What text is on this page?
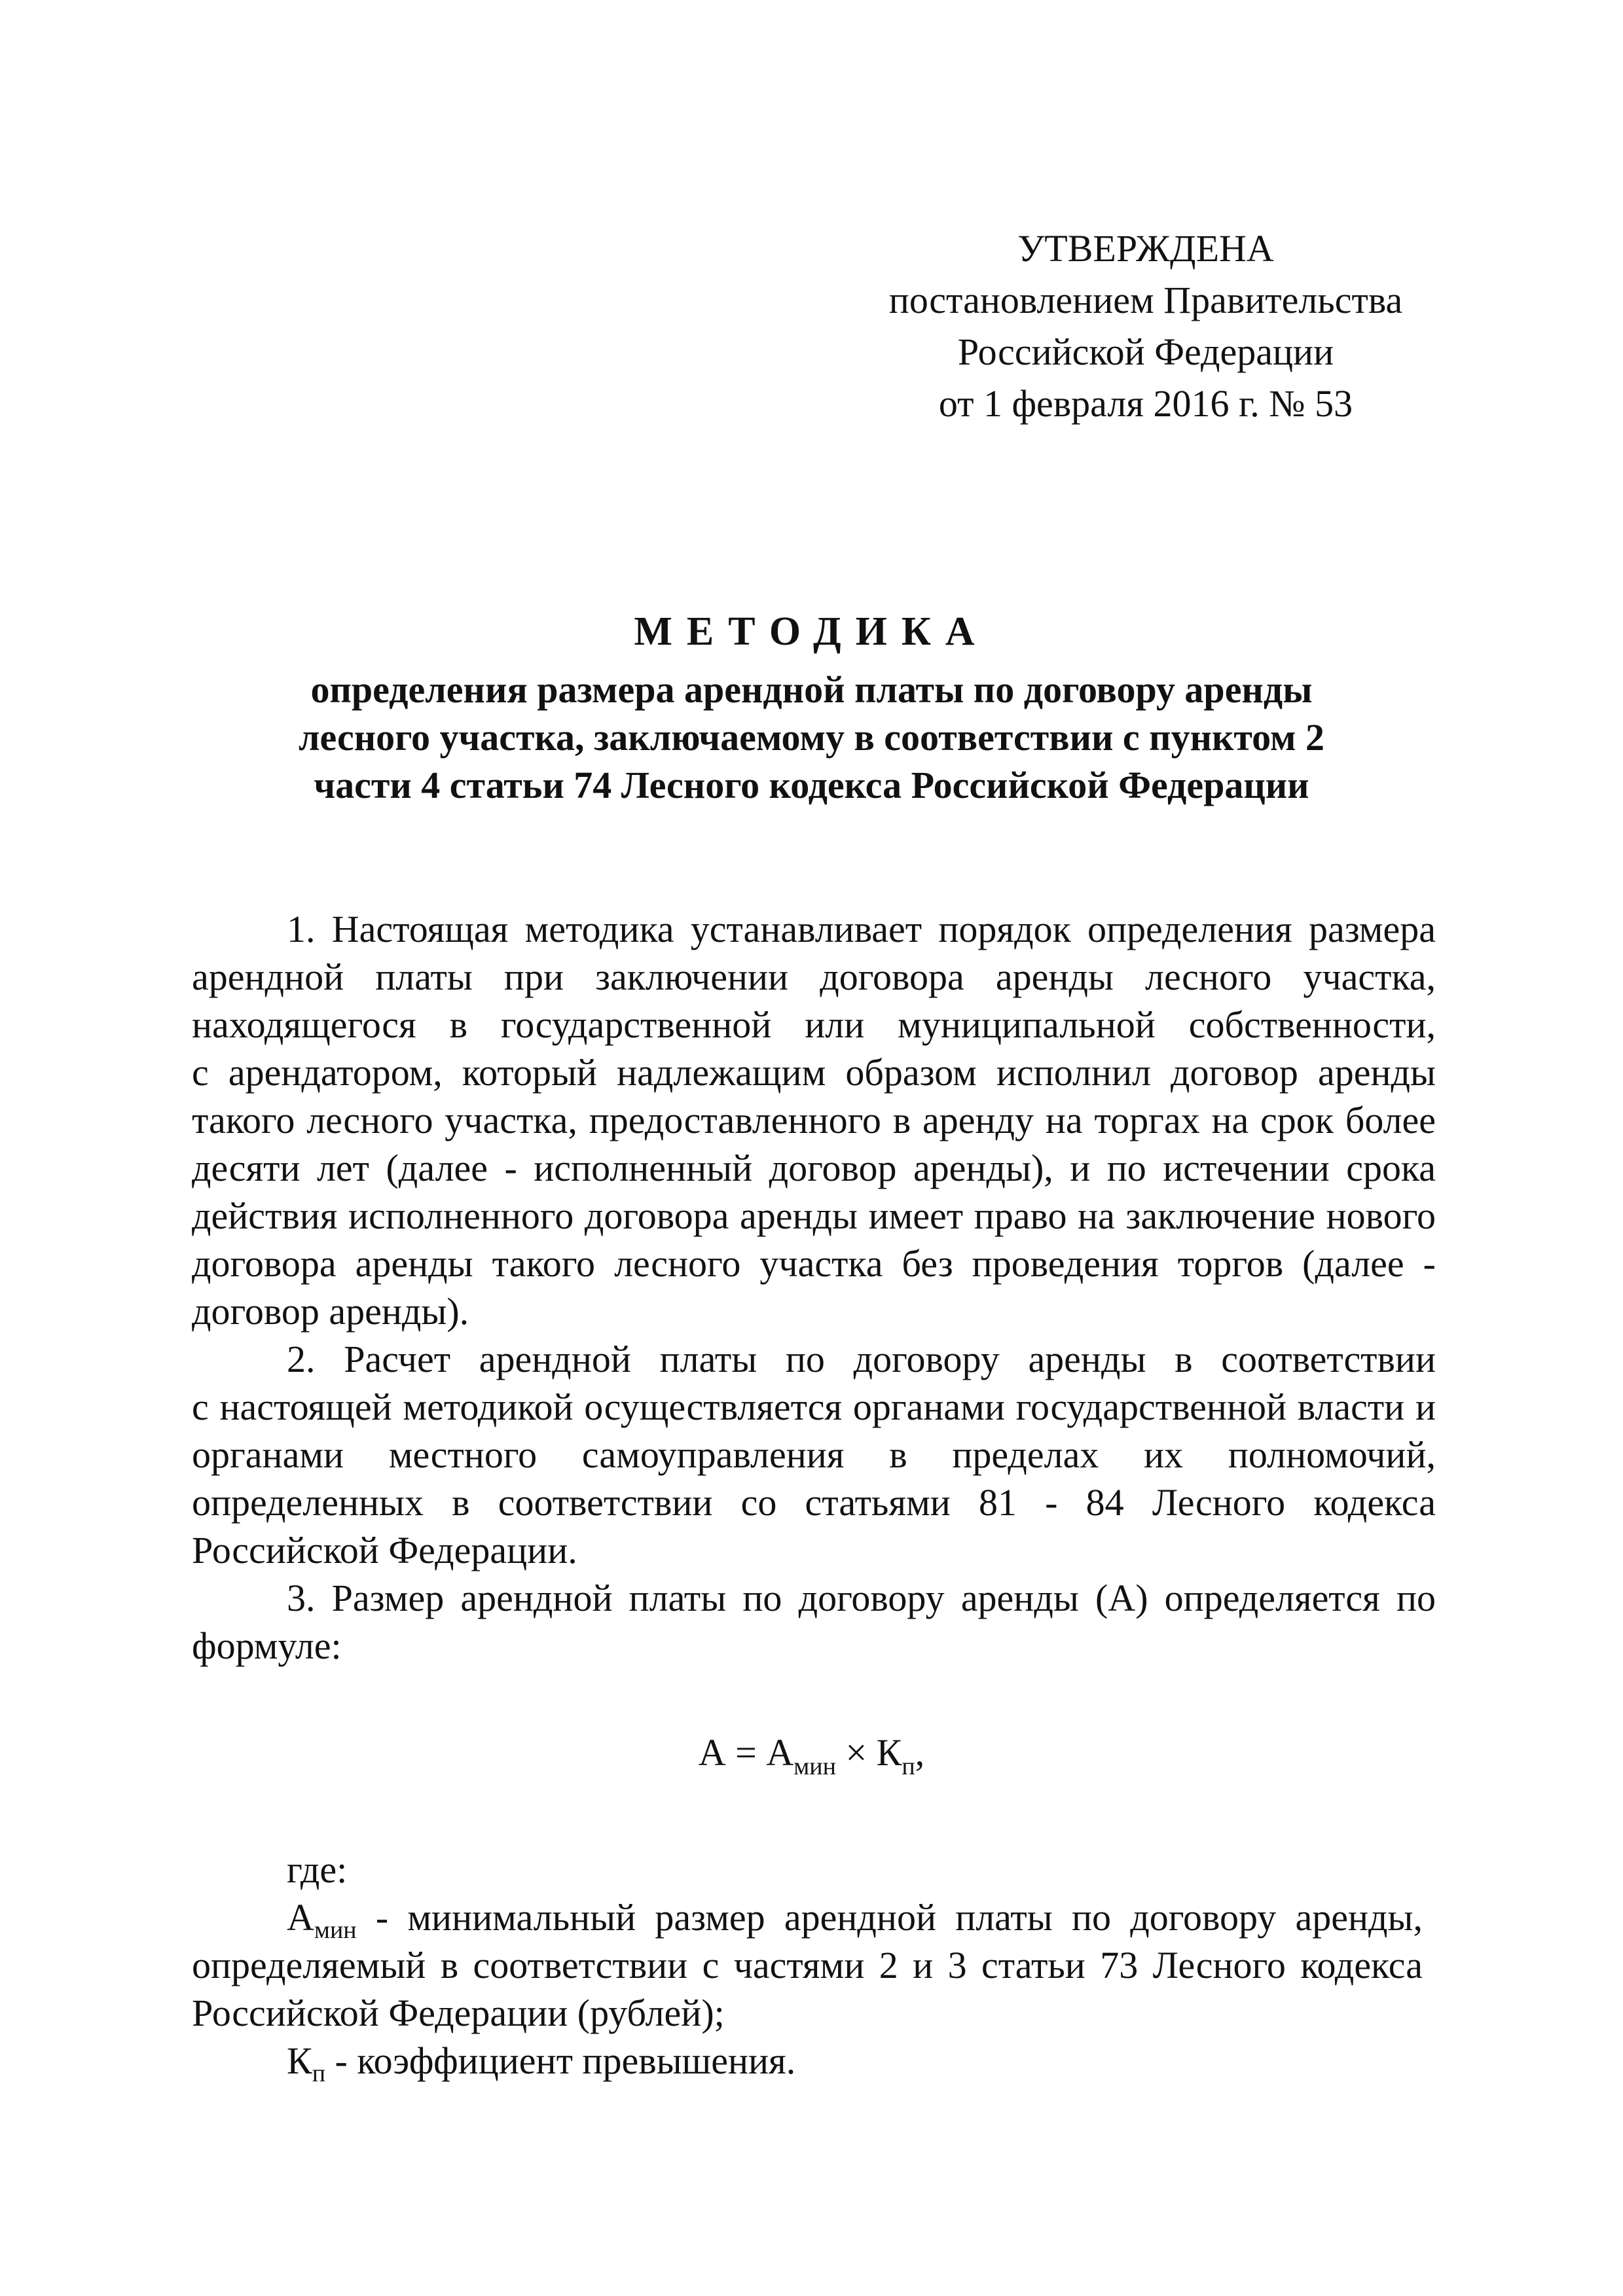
УТВЕРЖДЕНА
постановлением Правительства
Российской Федерации
от 1 февраля 2016 г. № 53
МЕТОДИКА
определения размера арендной платы по договору аренды
лесного участка, заключаемому в соответствии с пунктом 2
части 4 статьи 74 Лесного кодекса Российской Федерации
1. Настоящая методика устанавливает порядок определения размера
арендной платы при заключении договора аренды лесного участка,
находящегося в государственной или муниципальной собственности,
с арендатором, который надлежащим образом исполнил договор аренды
такого лесного участка, предоставленного в аренду на торгах на срок более
десяти лет (далее - исполненный договор аренды), и по истечении срока
действия исполненного договора аренды имеет право на заключение нового
договора аренды такого лесного участка без проведения торгов (далее -
договор аренды).
2. Расчет арендной платы по договору аренды в соответствии
с настоящей методикой осуществляется органами государственной власти и
органами местного самоуправления в пределах их полномочий,
определенных в соответствии со статьями 81 - 84 Лесного кодекса
Российской Федерации.
3. Размер арендной платы по договору аренды (А) определяется по
формуле:
$А = А_{мин} \times К_п$,
где:
$А_{мин}$ - минимальный размер арендной платы по договору аренды,
определяемый в соответствии с частями 2 и 3 статьи 73 Лесного кодекса
Российской Федерации (рублей);
$К_п$ - коэффициент превышения.
